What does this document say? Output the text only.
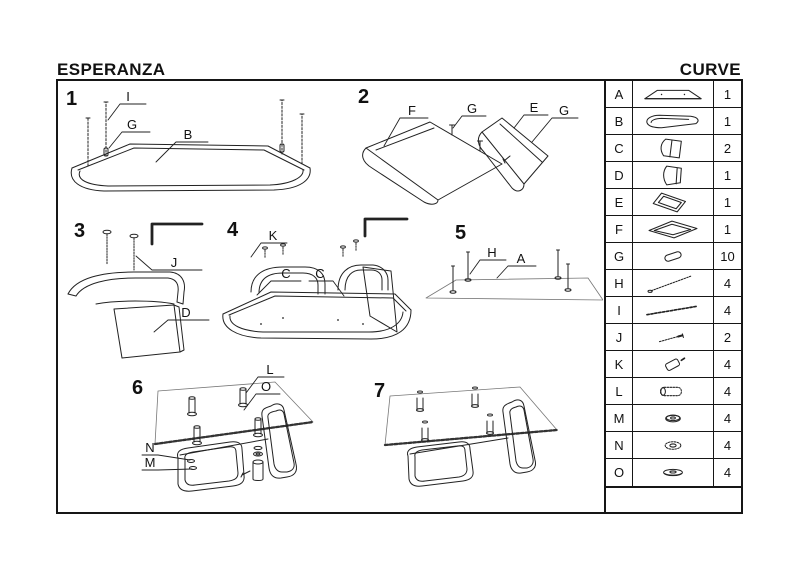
ESPERANZA	CURVE
1	2
3	4	5
6	7
I
G
B
F	G	E G
J
D
K
C C
H A
L
O
N
M
A	1
B	1
C	2
D	1
E	1
F	1
G	10
H	4
I	4
J	2
K	4
L	4
M	4
N	4
O	4
